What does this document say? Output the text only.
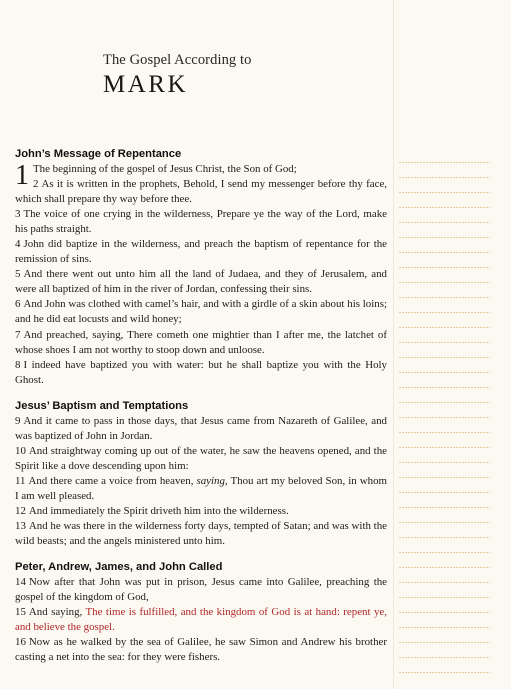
The Gospel According to
MARK
John’s Message of Repentance

1 The beginning of the gospel of Jesus Christ, the Son of God;

2 As it is written in the prophets, Behold, I send my messenger before thy face, which shall prepare thy way before thee.

3 The voice of one crying in the wilderness, Prepare ye the way of the Lord, make his paths straight.

4 John did baptize in the wilderness, and preach the baptism of repentance for the remission of sins.

5 And there went out unto him all the land of Judaea, and they of Jerusalem, and were all baptized of him in the river of Jordan, confessing their sins.

6 And John was clothed with camel’s hair, and with a girdle of a skin about his loins; and he did eat locusts and wild honey;

7 And preached, saying, There cometh one mightier than I after me, the latchet of whose shoes I am not worthy to stoop down and unloose.

8 I indeed have baptized you with water: but he shall baptize you with the Holy Ghost.

Jesus’ Baptism and Temptations

9 And it came to pass in those days, that Jesus came from Nazareth of Galilee, and was baptized of John in Jordan.

10 And straightway coming up out of the water, he saw the heavens opened, and the Spirit like a dove descending upon him:

11 And there came a voice from heaven, saying, Thou art my beloved Son, in whom I am well pleased.

12 And immediately the Spirit driveth him into the wilderness.

13 And he was there in the wilderness forty days, tempted of Satan; and was with the wild beasts; and the angels ministered unto him.

Peter, Andrew, James, and John Called

14 Now after that John was put in prison, Jesus came into Galilee, preaching the gospel of the kingdom of God,

15 And saying, The time is fulfilled, and the kingdom of God is at hand: repent ye, and believe the gospel.

16 Now as he walked by the sea of Galilee, he saw Simon and Andrew his brother casting a net into the sea: for they were fishers.
